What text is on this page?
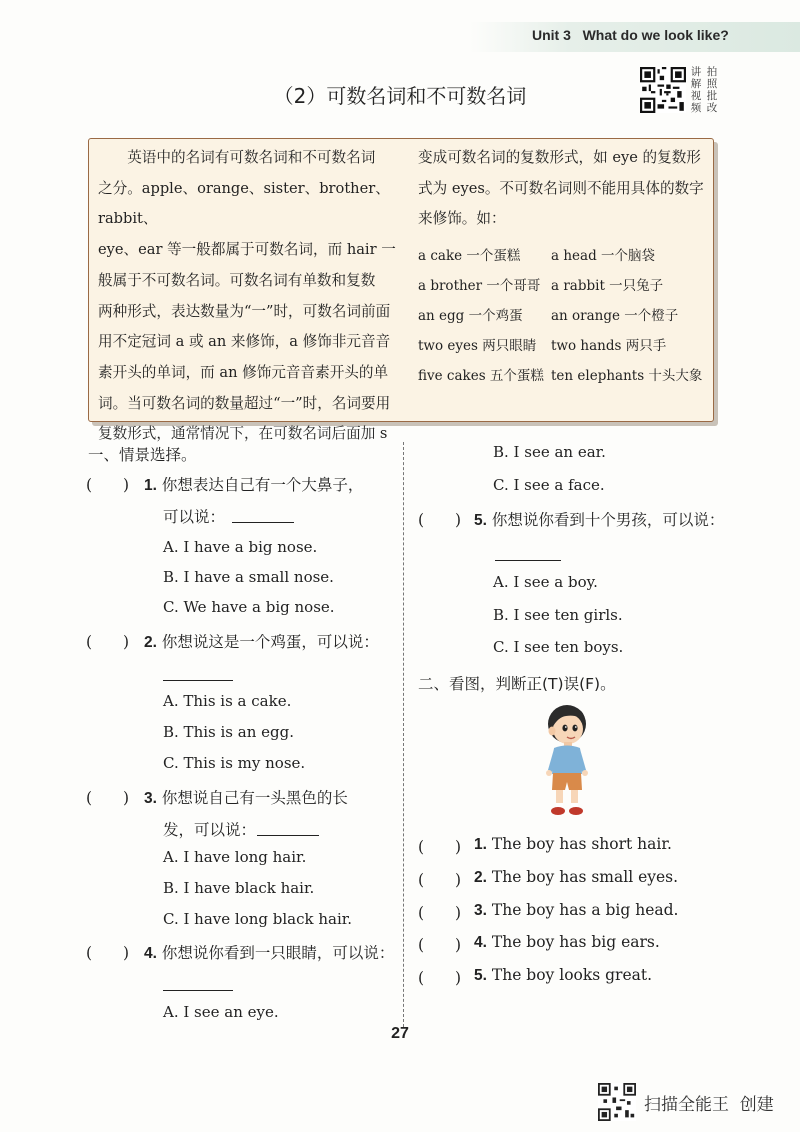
Unit 3 What do we look like?
（2）可数名词和不可数名词
讲 拍
解 照
视 批
频 改
　　英语中的名词有可数名词和不可数名词
之分。apple、orange、sister、brother、rabbit、
eye、ear 等一般都属于可数名词，而 hair 一
般属于不可数名词。可数名词有单数和复数
两种形式，表达数量为“一”时，可数名词前面
用不定冠词 a 或 an 来修饰，a 修饰非元音音
素开头的单词，而 an 修饰元音音素开头的单
词。当可数名词的数量超过“一”时，名词要用
复数形式，通常情况下，在可数名词后面加 s
变成可数名词的复数形式，如 eye 的复数形
式为 eyes。不可数名词则不能用具体的数字
来修饰。如：
a cake 一个蛋糕 a head 一个脑袋
a brother 一个哥哥 a rabbit 一只兔子
an egg 一个鸡蛋 an orange 一个橙子
two eyes 两只眼睛 two hands 两只手
five cakes 五个蛋糕 ten elephants 十头大象
一、情景选择。
(　　) 1. 你想表达自己有一个大鼻子，
可以说：
A. I have a big nose.
B. I have a small nose.
C. We have a big nose.
(　　) 2. 你想说这是一个鸡蛋，可以说：
A. This is a cake.
B. This is an egg.
C. This is my nose.
(　　) 3. 你想说自己有一头黑色的长
发，可以说：
A. I have long hair.
B. I have black hair.
C. I have long black hair.
(　　) 4. 你想说你看到一只眼睛，可以说：
A. I see an eye.
B. I see an ear.
C. I see a face.
(　　) 5. 你想说你看到十个男孩，可以说：
A. I see a boy.
B. I see ten girls.
C. I see ten boys.
二、看图，判断正(T)误(F)。
(　　) 1. The boy has short hair.
(　　) 2. The boy has small eyes.
(　　) 3. The boy has a big head.
(　　) 4. The boy has big ears.
(　　) 5. The boy looks great.
27
扫描全能王  创建
